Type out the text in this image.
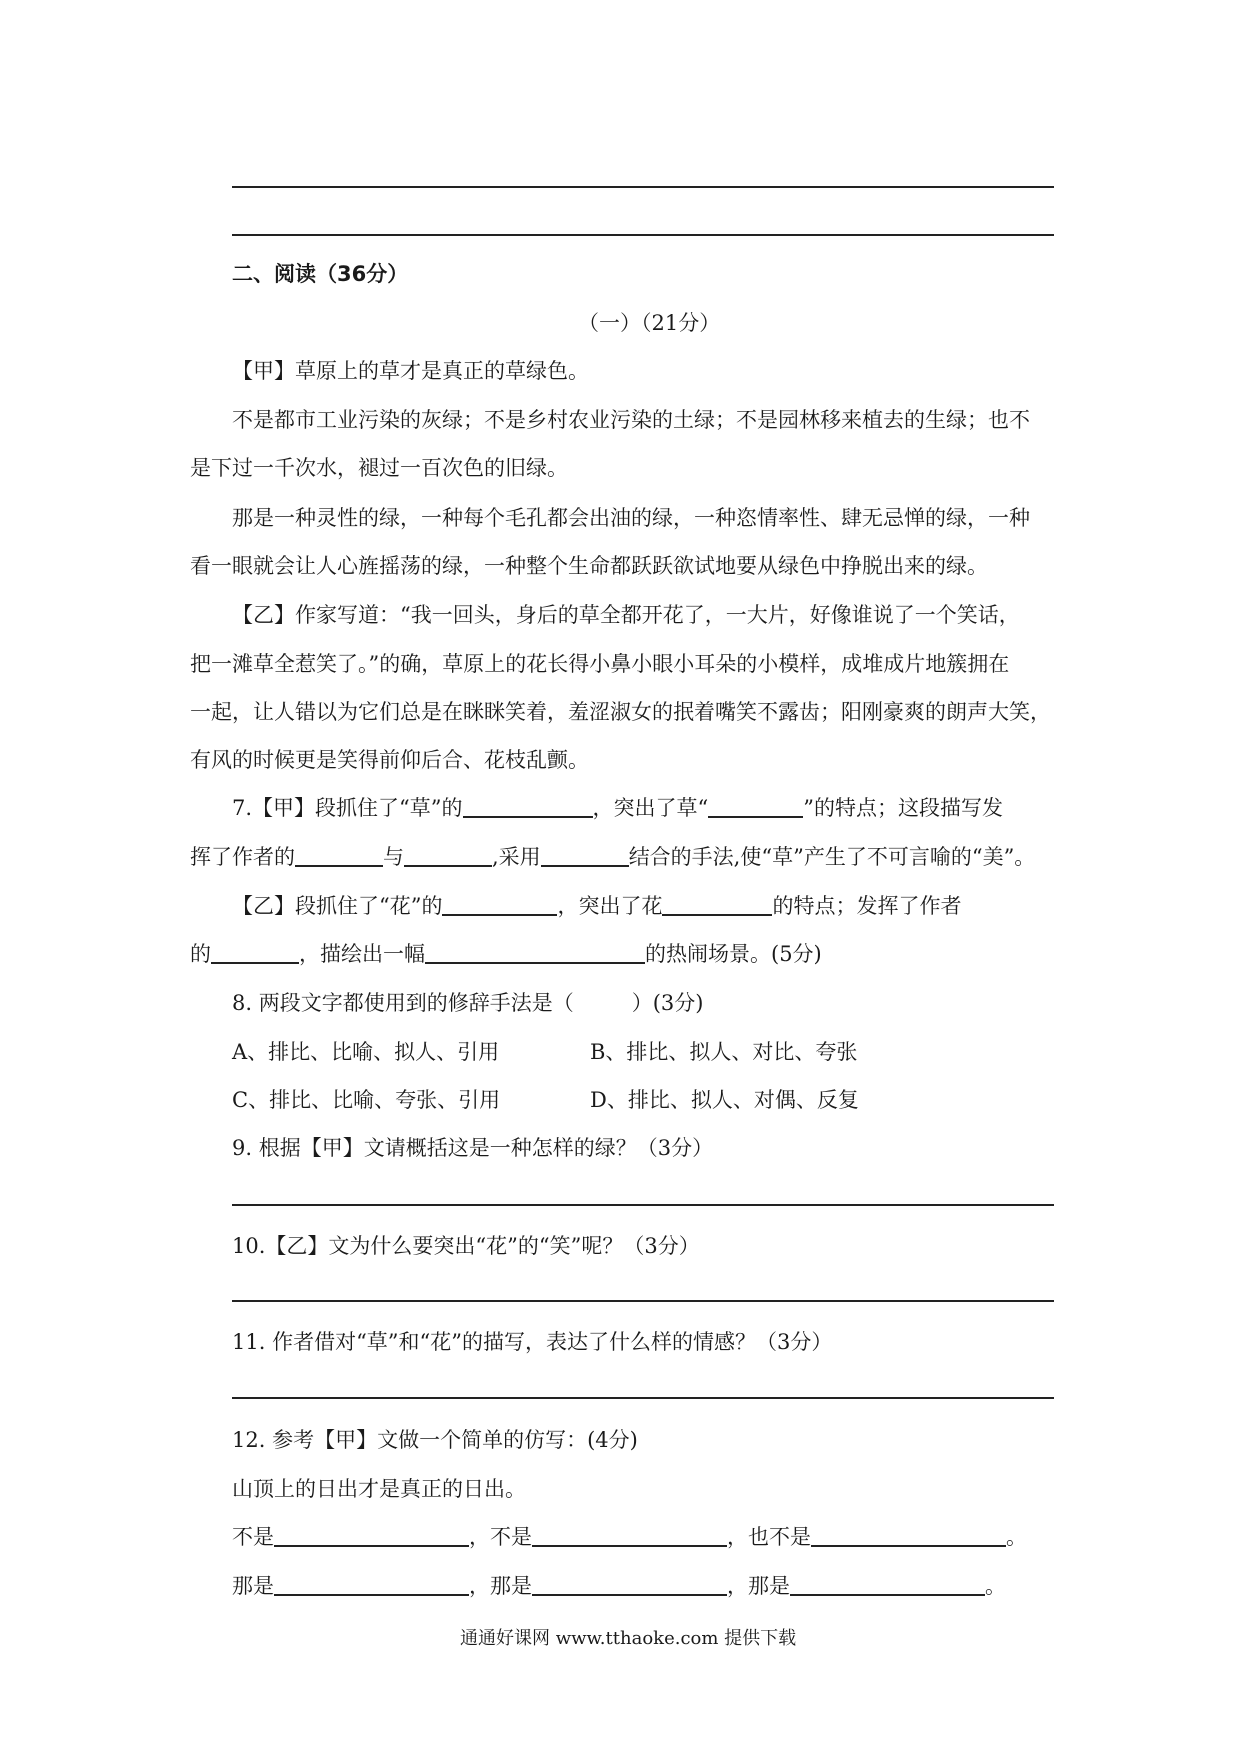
二、阅读（36分）
（一）（21分）
【甲】草原上的草才是真正的草绿色。
不是都市工业污染的灰绿；不是乡村农业污染的土绿；不是园林移来植去的生绿；也不
是下过一千次水，褪过一百次色的旧绿。
那是一种灵性的绿，一种每个毛孔都会出油的绿，一种恣情率性、肆无忌惮的绿，一种
看一眼就会让人心旌摇荡的绿，一种整个生命都跃跃欲试地要从绿色中挣脱出来的绿。
【乙】作家写道：“我一回头，身后的草全都开花了，一大片，好像谁说了一个笑话，
把一滩草全惹笑了。”的确，草原上的花长得小鼻小眼小耳朵的小模样，成堆成片地簇拥在
一起，让人错以为它们总是在眯眯笑着，羞涩淑女的抿着嘴笑不露齿；阳刚豪爽的朗声大笑，
有风的时候更是笑得前仰后合、花枝乱颤。
7.【甲】段抓住了“草”的	，突出了草“	”的特点；这段描写发
挥了作者的	与	,采用	结合的手法,使“草”产生了不可言喻的“美”。
【乙】段抓住了“花”的	，突出了花	的特点；发挥了作者
的	，描绘出一幅	的热闹场景。(5分)
8. 两段文字都使用到的修辞手法是（	）(3分)
A、排比、比喻、拟人、引用	B、排比、拟人、对比、夸张
C、排比、比喻、夸张、引用	D、排比、拟人、对偶、反复
9. 根据【甲】文请概括这是一种怎样的绿？（3分）
10.【乙】文为什么要突出“花”的“笑”呢？（3分）
11. 作者借对“草”和“花”的描写，表达了什么样的情感？（3分）
12. 参考【甲】文做一个简单的仿写：(4分)
山顶上的日出才是真正的日出。
不是	，不是	，也不是	。
那是	，那是	，那是	。
通通好课网 www.tthaoke.com 提供下载
